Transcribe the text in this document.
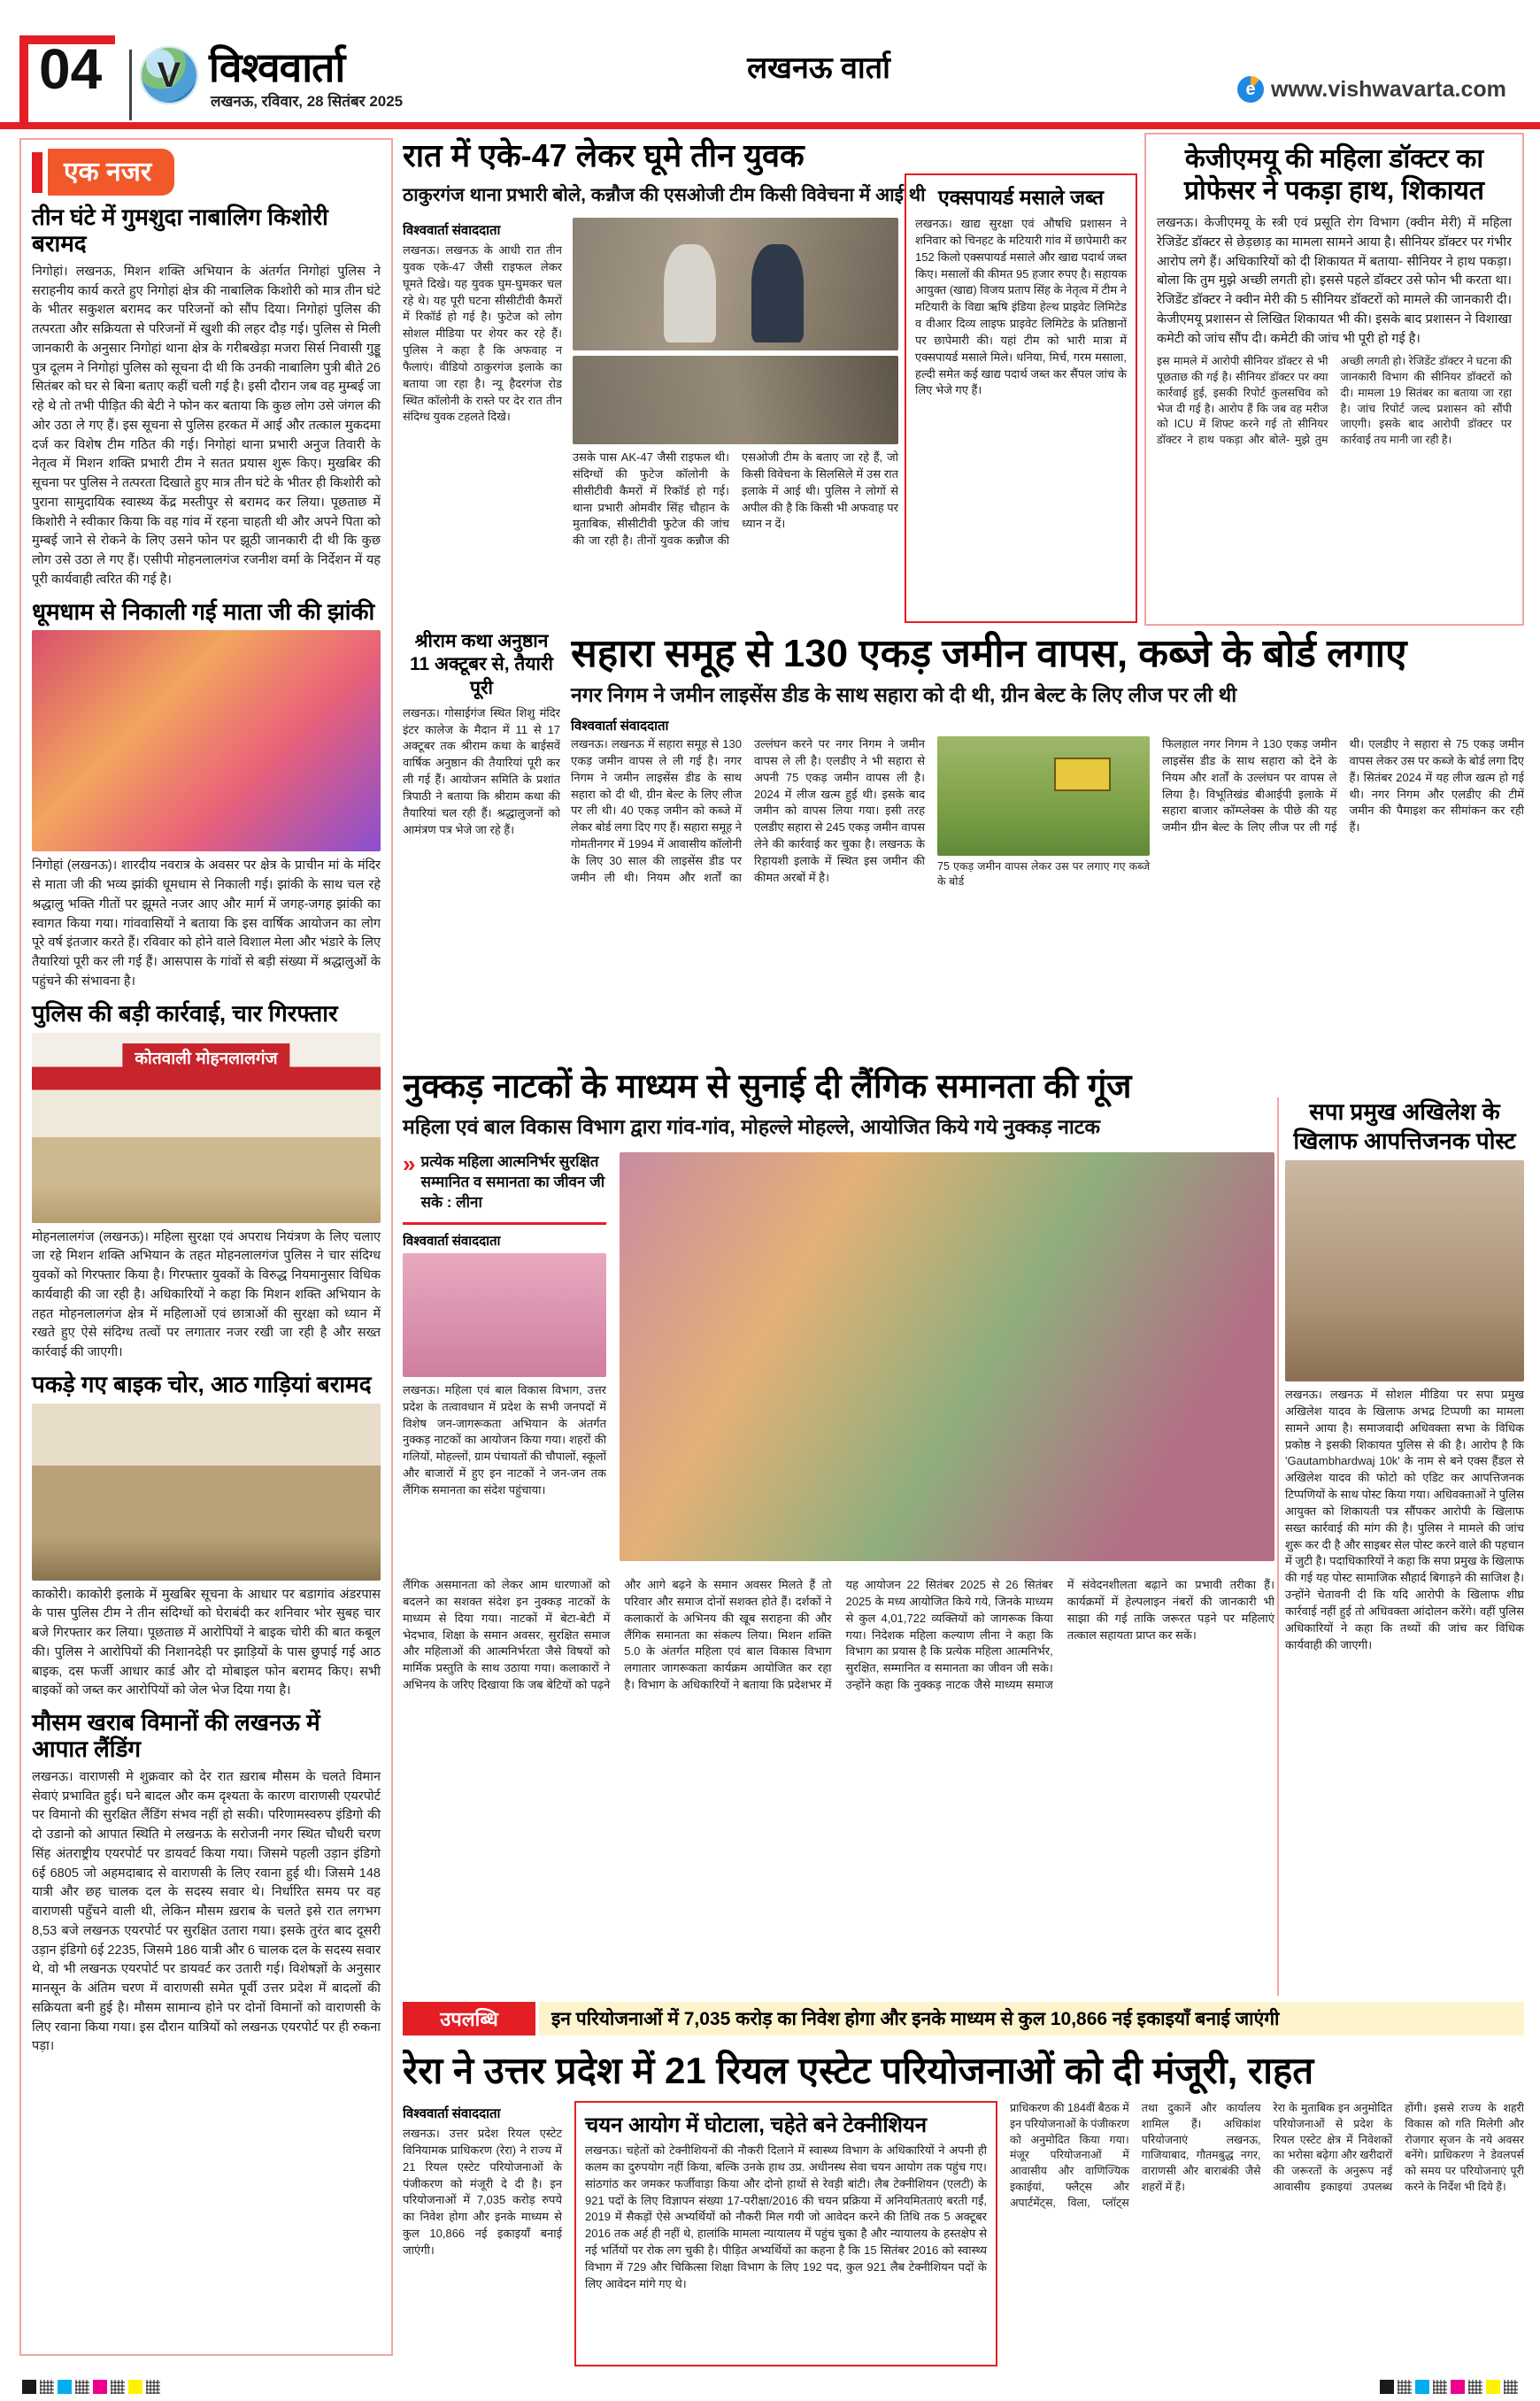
04 V विश्ववार्ता
लखनऊ, रविवार, 28 सितंबर 2025
लखनऊ वार्ता
e www.vishwavarta.com
एक नजर
तीन घंटे में गुमशुदा नाबालिग किशोरी बरामद
निगोहां। लखनऊ, मिशन शक्ति अभियान के अंतर्गत निगोहां पुलिस ने सराहनीय कार्य करते हुए निगोहां क्षेत्र की नाबालिक किशोरी को मात्र तीन घंटे के भीतर सकुशल बरामद कर परिजनों को सौंप दिया। निगोहां पुलिस की तत्परता और सक्रियता से परिजनों में खुशी की लहर दौड़ गई। पुलिस से मिली जानकारी के अनुसार निगोहां थाना क्षेत्र के गरीबखेड़ा मजरा सिर्स निवासी गुड्डू पुत्र दूलम ने निगोहां पुलिस को सूचना दी थी कि उनकी नाबालिग पुत्री बीते 26 सितंबर को घर से बिना बताए कहीं चली गई है। इसी दौरान जब वह मुम्बई जा रहे थे तो तभी पीड़ित की बेटी ने फोन कर बताया कि कुछ लोग उसे जंगल की ओर उठा ले गए हैं। इस सूचना से पुलिस हरकत में आई और तत्काल मुकदमा दर्ज कर विशेष टीम गठित की गई। निगोहां थाना प्रभारी अनुज तिवारी के नेतृत्व में मिशन शक्ति प्रभारी टीम ने सतत प्रयास शुरू किए। मुखबिर की सूचना पर पुलिस ने तत्परता दिखाते हुए मात्र तीन घंटे के भीतर ही किशोरी को पुराना सामुदायिक स्वास्थ्य केंद्र मस्तीपुर से बरामद कर लिया। पूछताछ में किशोरी ने स्वीकार किया कि वह गांव में रहना चाहती थी और अपने पिता को मुम्बई जाने से रोकने के लिए उसने फोन पर झूठी जानकारी दी थी कि कुछ लोग उसे उठा ले गए हैं। एसीपी मोहनलालगंज रजनीश वर्मा के निर्देशन में यह पूरी कार्यवाही त्वरित की गई है।
धूमधाम से निकाली गई माता जी की झांकी
निगोहां (लखनऊ)। शारदीय नवरात्र के अवसर पर क्षेत्र के प्राचीन मां के मंदिर से माता जी की भव्य झांकी धूमधाम से निकाली गई। झांकी के साथ चल रहे श्रद्धालु भक्ति गीतों पर झूमते नजर आए और मार्ग में जगह-जगह झांकी का स्वागत किया गया। गांववासियों ने बताया कि इस वार्षिक आयोजन का लोग पूरे वर्ष इंतजार करते हैं। रविवार को होने वाले विशाल मेला और भंडारे के लिए तैयारियां पूरी कर ली गई हैं। आसपास के गांवों से बड़ी संख्या में श्रद्धालुओं के पहुंचने की संभावना है।
पुलिस की बड़ी कार्रवाई, चार गिरफ्तार
कोतवाली मोहनलालगंज
मोहनलालगंज (लखनऊ)। महिला सुरक्षा एवं अपराध नियंत्रण के लिए चलाए जा रहे मिशन शक्ति अभियान के तहत मोहनलालगंज पुलिस ने चार संदिग्ध युवकों को गिरफ्तार किया है। गिरफ्तार युवकों के विरुद्ध नियमानुसार विधिक कार्यवाही की जा रही है। अधिकारियों ने कहा कि मिशन शक्ति अभियान के तहत मोहनलालगंज क्षेत्र में महिलाओं एवं छात्राओं की सुरक्षा को ध्यान में रखते हुए ऐसे संदिग्ध तत्वों पर लगातार नजर रखी जा रही है और सख्त कार्रवाई की जाएगी।
पकड़े गए बाइक चोर, आठ गाड़ियां बरामद
काकोरी। काकोरी इलाके में मुखबिर सूचना के आधार पर बडागांव अंडरपास के पास पुलिस टीम ने तीन संदिग्धों को घेराबंदी कर शनिवार भोर सुबह चार बजे गिरफ्तार कर लिया। पूछताछ में आरोपियों ने बाइक चोरी की बात कबूल की। पुलिस ने आरोपियों की निशानदेही पर झाड़ियों के पास छुपाई गई आठ बाइक, दस फर्जी आधार कार्ड और दो मोबाइल फोन बरामद किए। सभी बाइकों को जब्त कर आरोपियों को जेल भेज दिया गया है।
मौसम खराब विमानों की लखनऊ में आपात लैंडिंग
लखनऊ। वाराणसी मे शुक्रवार को देर रात ख़राब मौसम के चलते विमान सेवाएं प्रभावित हुई। घने बादल और कम दृश्यता के कारण वाराणसी एयरपोर्ट पर विमानो की सुरक्षित लैंडिंग संभव नहीं हो सकी। परिणामस्वरुप इंडिगो की दो उडानो को आपात स्थिति मे लखनऊ के सरोजनी नगर स्थित चौधरी चरण सिंह अंतराष्ट्रीय एयरपोर्ट पर डायवर्ट किया गया। जिसमे पहली उड़ान इंडिगो 6ई 6805 जो अहमदाबाद से वाराणसी के लिए रवाना हुई थी। जिसमे 148 यात्री और छह चालक दल के सदस्य सवार थे। निर्धारित समय पर वह वाराणसी पहुँचने वाली थी, लेकिन मौसम ख़राब के चलते इसे रात लगभग 8,53 बजे लखनऊ एयरपोर्ट पर सुरक्षित उतारा गया। इसके तुरंत बाद दूसरी उड़ान इंडिगो 6ई 2235, जिसमे 186 यात्री और 6 चालक दल के सदस्य सवार थे, वो भी लखनऊ एयरपोर्ट पर डायवर्ट कर उतारी गई। विशेषज्ञों के अनुसार मानसून के अंतिम चरण में वाराणसी समेत पूर्वी उत्तर प्रदेश में बादलों की सक्रियता बनी हुई है। मौसम सामान्य होने पर दोनों विमानों को वाराणसी के लिए रवाना किया गया। इस दौरान यात्रियों को लखनऊ एयरपोर्ट पर ही रुकना पड़ा।
रात में एके-47 लेकर घूमे तीन युवक
ठाकुरगंज थाना प्रभारी बोले, कन्नौज की एसओजी टीम किसी विवेचना में आई थी
विश्ववार्ता संवाददाता
लखनऊ। लखनऊ के आधी रात तीन युवक एके-47 जैसी राइफल लेकर घूमते दिखे। यह युवक घुम-घुमकर चल रहे थे। यह पूरी घटना सीसीटीवी कैमरों में रिकॉर्ड हो गई है। फुटेज को लोग सोशल मीडिया पर शेयर कर रहे हैं। पुलिस ने कहा है कि अफवाह न फैलाएं। वीडियो ठाकुरगंज इलाके का बताया जा रहा है। न्यू हैदरगंज रोड स्थित कॉलोनी के रास्ते पर देर रात तीन संदिग्ध युवक टहलते दिखे।
उसके पास AK-47 जैसी राइफल थी। संदिग्धों की फुटेज कॉलोनी के सीसीटीवी कैमरों में रिकॉर्ड हो गई। थाना प्रभारी ओमवीर सिंह चौहान के मुताबिक, सीसीटीवी फुटेज की जांच की जा रही है। तीनों युवक कन्नौज की एसओजी टीम के बताए जा रहे हैं, जो किसी विवेचना के सिलसिले में उस रात इलाके में आई थी। पुलिस ने लोगों से अपील की है कि किसी भी अफवाह पर ध्यान न दें।
एक्सपायर्ड मसाले जब्त
लखनऊ। खाद्य सुरक्षा एवं औषधि प्रशासन ने शनिवार को चिनहट के मटियारी गांव में छापेमारी कर 152 किलो एक्सपायर्ड मसाले और खाद्य पदार्थ जब्त किए। मसालों की कीमत 95 हजार रुपए है। सहायक आयुक्त (खाद्य) विजय प्रताप सिंह के नेतृत्व में टीम ने मटियारी के विद्या ऋषि इंडिया हेल्थ प्राइवेट लिमिटेड व वीआर दिव्य लाइफ प्राइवेट लिमिटेड के प्रतिष्ठानों पर छापेमारी की। यहां टीम को भारी मात्रा में एक्सपायर्ड मसाले मिले। धनिया, मिर्च, गरम मसाला, हल्दी समेत कई खाद्य पदार्थ जब्त कर सैंपल जांच के लिए भेजे गए हैं।
केजीएमयू की महिला डॉक्टर का प्रोफेसर ने पकड़ा हाथ, शिकायत
लखनऊ। केजीएमयू के स्त्री एवं प्रसूति रोग विभाग (क्वीन मेरी) में महिला रेजिडेंट डॉक्टर से छेड़छाड़ का मामला सामने आया है। सीनियर डॉक्टर पर गंभीर आरोप लगे हैं। अधिकारियों को दी शिकायत में बताया- सीनियर ने हाथ पकड़ा। बोला कि तुम मुझे अच्छी लगती हो। इससे पहले डॉक्टर उसे फोन भी करता था। रेजिडेंट डॉक्टर ने क्वीन मेरी की 5 सीनियर डॉक्टरों को मामले की जानकारी दी। केजीएमयू प्रशासन से लिखित शिकायत भी की। इसके बाद प्रशासन ने विशाखा कमेटी को जांच सौंप दी। कमेटी की जांच भी पूरी हो गई है।
इस मामले में आरोपी सीनियर डॉक्टर से भी पूछताछ की गई है। सीनियर डॉक्टर पर क्या कार्रवाई हुई, इसकी रिपोर्ट कुलसचिव को भेज दी गई है। आरोप हैं कि जब वह मरीज को ICU में शिफ्ट करने गई तो सीनियर डॉक्टर ने हाथ पकड़ा और बोले- मुझे तुम अच्छी लगती हो। रेजिडेंट डॉक्टर ने घटना की जानकारी विभाग की सीनियर डॉक्टरों को दी। मामला 19 सितंबर का बताया जा रहा है। जांच रिपोर्ट जल्द प्रशासन को सौंपी जाएगी। इसके बाद आरोपी डॉक्टर पर कार्रवाई तय मानी जा रही है।
श्रीराम कथा अनुष्ठान 11 अक्टूबर से, तैयारी पूरी
लखनऊ। गोसाईगंज स्थित शिशु मंदिर इंटर कालेज के मैदान में 11 से 17 अक्टूबर तक श्रीराम कथा के बाईसवें वार्षिक अनुष्ठान की तैयारियां पूरी कर ली गई हैं। आयोजन समिति के प्रशांत त्रिपाठी ने बताया कि श्रीराम कथा की तैयारियां चल रही हैं। श्रद्धालुजनों को आमंत्रण पत्र भेजे जा रहे हैं।
सहारा समूह से 130 एकड़ जमीन वापस, कब्जे के बोर्ड लगाए
नगर निगम ने जमीन लाइसेंस डीड के साथ सहारा को दी थी, ग्रीन बेल्ट के लिए लीज पर ली थी
विश्ववार्ता संवाददाता
लखनऊ। लखनऊ में सहारा समूह से 130 एकड़ जमीन वापस ले ली गई है। नगर निगम ने जमीन लाइसेंस डीड के साथ सहारा को दी थी, ग्रीन बेल्ट के लिए लीज पर ली थी। 40 एकड़ जमीन को कब्जे में लेकर बोर्ड लगा दिए गए हैं। सहारा समूह ने गोमतीनगर में 1994 में आवासीय कॉलोनी के लिए 30 साल की लाइसेंस डीड पर जमीन ली थी। नियम और शर्तों का उल्लंघन करने पर नगर निगम ने जमीन वापस ले ली है। एलडीए ने भी सहारा से अपनी 75 एकड़ जमीन वापस ली है। 2024 में लीज खत्म हुई थी। इसके बाद जमीन को वापस लिया गया। इसी तरह एलडीए सहारा से 245 एकड़ जमीन वापस लेने की कार्रवाई कर चुका है। लखनऊ के रिहायशी इलाके में स्थित इस जमीन की कीमत अरबों में है।
75 एकड़ जमीन वापस लेकर उस पर लगाए गए कब्जे के बोर्ड
फिलहाल नगर निगम ने 130 एकड़ जमीन लाइसेंस डीड के साथ सहारा को देने के नियम और शर्तों के उल्लंघन पर वापस ले लिया है। विभूतिखंड बीआईपी इलाके में सहारा बाजार कॉम्प्लेक्स के पीछे की यह जमीन ग्रीन बेल्ट के लिए लीज पर ली गई थी। एलडीए ने सहारा से 75 एकड़ जमीन वापस लेकर उस पर कब्जे के बोर्ड लगा दिए हैं। सितंबर 2024 में यह लीज खत्म हो गई थी। नगर निगम और एलडीए की टीमें जमीन की पैमाइश कर सीमांकन कर रही हैं।
नुक्कड़ नाटकों के माध्यम से सुनाई दी लैंगिक समानता की गूंज
महिला एवं बाल विकास विभाग द्वारा गांव-गांव, मोहल्ले मोहल्ले, आयोजित किये गये नुक्कड़ नाटक
» प्रत्येक महिला आत्मनिर्भर सुरक्षित सम्मानित व समानता का जीवन जी सके : लीना
विश्ववार्ता संवाददाता
लखनऊ। महिला एवं बाल विकास विभाग, उत्तर प्रदेश के तत्वावधान में प्रदेश के सभी जनपदों में विशेष जन-जागरूकता अभियान के अंतर्गत नुक्कड़ नाटकों का आयोजन किया गया। शहरों की गलियों, मोहल्लों, ग्राम पंचायतों की चौपालों, स्कूलों और बाजारों में हुए इन नाटकों ने जन-जन तक लैंगिक समानता का संदेश पहुंचाया।
लैंगिक असमानता को लेकर आम धारणाओं को बदलने का सशक्त संदेश इन नुक्कड़ नाटकों के माध्यम से दिया गया। नाटकों में बेटा-बेटी में भेदभाव, शिक्षा के समान अवसर, सुरक्षित समाज और महिलाओं की आत्मनिर्भरता जैसे विषयों को मार्मिक प्रस्तुति के साथ उठाया गया। कलाकारों ने अभिनय के जरिए दिखाया कि जब बेटियों को पढ़ने और आगे बढ़ने के समान अवसर मिलते हैं तो परिवार और समाज दोनों सशक्त होते हैं। दर्शकों ने कलाकारों के अभिनय की खूब सराहना की और लैंगिक समानता का संकल्प लिया। मिशन शक्ति 5.0 के अंतर्गत महिला एवं बाल विकास विभाग लगातार जागरूकता कार्यक्रम आयोजित कर रहा है। विभाग के अधिकारियों ने बताया कि प्रदेशभर में यह आयोजन 22 सितंबर 2025 से 26 सितंबर 2025 के मध्य आयोजित किये गये, जिनके माध्यम से कुल 4,01,722 व्यक्तियों को जागरूक किया गया। निदेशक महिला कल्याण लीना ने कहा कि विभाग का प्रयास है कि प्रत्येक महिला आत्मनिर्भर, सुरक्षित, सम्मानित व समानता का जीवन जी सके। उन्होंने कहा कि नुक्कड़ नाटक जैसे माध्यम समाज में संवेदनशीलता बढ़ाने का प्रभावी तरीका हैं। कार्यक्रमों में हेल्पलाइन नंबरों की जानकारी भी साझा की गई ताकि जरूरत पड़ने पर महिलाएं तत्काल सहायता प्राप्त कर सकें।
सपा प्रमुख अखिलेश के खिलाफ आपत्तिजनक पोस्ट
लखनऊ। लखनऊ में सोशल मीडिया पर सपा प्रमुख अखिलेश यादव के खिलाफ अभद्र टिप्पणी का मामला सामने आया है। समाजवादी अधिवक्ता सभा के विधिक प्रकोष्ठ ने इसकी शिकायत पुलिस से की है। आरोप है कि 'Gautambhardwaj 10k' के नाम से बने एक्स हैंडल से अखिलेश यादव की फोटो को एडिट कर आपत्तिजनक टिप्पणियों के साथ पोस्ट किया गया। अधिवक्ताओं ने पुलिस आयुक्त को शिकायती पत्र सौंपकर आरोपी के खिलाफ सख्त कार्रवाई की मांग की है। पुलिस ने मामले की जांच शुरू कर दी है और साइबर सेल पोस्ट करने वाले की पहचान में जुटी है। पदाधिकारियों ने कहा कि सपा प्रमुख के खिलाफ की गई यह पोस्ट सामाजिक सौहार्द बिगाड़ने की साजिश है। उन्होंने चेतावनी दी कि यदि आरोपी के खिलाफ शीघ्र कार्रवाई नहीं हुई तो अधिवक्ता आंदोलन करेंगे। वहीं पुलिस अधिकारियों ने कहा कि तथ्यों की जांच कर विधिक कार्यवाही की जाएगी।
उपलब्धि	इन परियोजनाओं में 7,035 करोड़ का निवेश होगा और इनके माध्यम से कुल 10,866 नई इकाइयाँ बनाई जाएंगी
रेरा ने उत्तर प्रदेश में 21 रियल एस्टेट परियोजनाओं को दी मंजूरी, राहत
विश्ववार्ता संवाददाता
लखनऊ। उत्तर प्रदेश रियल एस्टेट विनियामक प्राधिकरण (रेरा) ने राज्य में 21 रियल एस्टेट परियोजनाओं के पंजीकरण को मंजूरी दे दी है। इन परियोजनाओं में 7,035 करोड़ रुपये का निवेश होगा और इनके माध्यम से कुल 10,866 नई इकाइयाँ बनाई जाएंगी।
चयन आयोग में घोटाला, चहेते बने टेक्नीशियन
लखनऊ। चहेतों को टेक्नीशियनों की नौकरी दिलाने में स्वास्थ्य विभाग के अधिकारियों ने अपनी ही कलम का दुरुपयोग नहीं किया, बल्कि उनके हाथ उप्र. अधीनस्थ सेवा चयन आयोग तक पहुंच गए। सांठगांठ कर जमकर फर्जीवाड़ा किया और दोनो हाथों से रेवड़ी बांटी। लैब टेक्नीशियन (एलटी) के 921 पदों के लिए विज्ञापन संख्या 17-परीक्षा/2016 की चयन प्रक्रिया में अनियमितताएं बरती गईं, 2019 में सैकड़ों ऐसे अभ्यर्थियों को नौकरी मिल गयी जो आवेदन करने की तिथि तक 5 अक्टूबर 2016 तक अर्ह ही नहीं थे, हालांकि मामला न्यायालय में पहुंच चुका है और न्यायालय के हस्तक्षेप से नई भर्तियों पर रोक लग चुकी है। पीड़ित अभ्यर्थियों का कहना है कि 15 सितंबर 2016 को स्वास्थ्य विभाग में 729 और चिकित्सा शिक्षा विभाग के लिए 192 पद, कुल 921 लैब टेक्नीशियन पदों के लिए आवेदन मांगे गए थे।
प्राधिकरण की 184वीं बैठक में इन परियोजनाओं के पंजीकरण को अनुमोदित किया गया। मंजूर परियोजनाओं में आवासीय और वाणिज्यिक इकाईयां, फ्लैट्स और अपार्टमेंट्स, विला, प्लॉट्स तथा दुकानें और कार्यालय शामिल हैं। अधिकांश परियोजनाएं लखनऊ, गाजियाबाद, गौतमबुद्ध नगर, वाराणसी और बाराबंकी जैसे शहरों में हैं।
रेरा के मुताबिक इन अनुमोदित परियोजनाओं से प्रदेश के रियल एस्टेट क्षेत्र में निवेशकों का भरोसा बढ़ेगा और खरीदारों की जरूरतों के अनुरूप नई आवासीय इकाइयां उपलब्ध होंगी। इससे राज्य के शहरी विकास को गति मिलेगी और रोजगार सृजन के नये अवसर बनेंगे। प्राधिकरण ने डेवलपर्स को समय पर परियोजनाएं पूरी करने के निर्देश भी दिये हैं।
